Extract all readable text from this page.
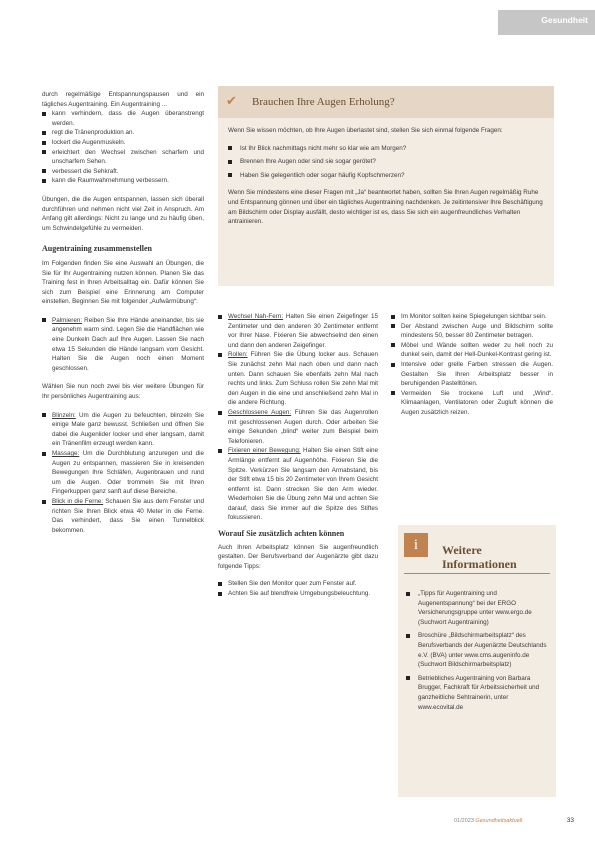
Gesundheit

durch regelmäßige Entspannungspausen und ein tägliches Augentraining. Ein Augentraining ...

kann verhindern, dass die Augen überanstrengt werden.
regt die Tränenproduktion an.
lockert die Augenmuskeln.
erleichtert den Wechsel zwischen scharfem und unscharfem Sehen.
verbessert die Sehkraft.
kann die Raumwahrnehmung verbessern.

Übungen, die die Augen entspannen, lassen sich überall durchführen und nehmen nicht viel Zeit in Anspruch. Am Anfang gilt allerdings: Nicht zu lange und zu häufig üben, um Schwindelgefühle zu vermeiden.

Augentraining zusammenstellen

Im Folgenden finden Sie eine Auswahl an Übungen, die Sie für Ihr Augentraining nutzen können. Planen Sie das Training fest in Ihren Arbeitsalltag ein. Dafür können Sie sich zum Beispiel eine Erinnerung am Computer einstellen. Beginnen Sie mit folgender „Aufwärmübung“:

Palmieren: Reiben Sie Ihre Hände aneinander, bis sie angenehm warm sind. Legen Sie die Handflächen wie eine Dunkeln Dach auf Ihre Augen. Lassen Sie nach etwa 15 Sekunden die Hände langsam vom Gesicht. Halten Sie die Augen noch einen Moment geschlossen.

Wählen Sie nun noch zwei bis vier weitere Übungen für Ihr persönliches Augentraining aus:

Blinzeln: Um die Augen zu befeuchten, blinzeln Sie einige Male ganz bewusst. Schließen und öffnen Sie dabei die Augenlider locker und eher langsam, damit ein Tränenfilm erzeugt werden kann.
Massage: Um die Durchblutung anzuregen und die Augen zu entspannen, massieren Sie in kreisenden Bewegungen Ihre Schläfen, Augenbrauen und rund um die Augen. Oder trommeln Sie mit Ihren Fingerkuppen ganz sanft auf diese Bereiche.
Blick in die Ferne: Schauen Sie aus dem Fenster und richten Sie Ihren Blick etwa 40 Meter in die Ferne. Das verhindert, dass Sie einen Tunnelblick bekommen.
✔ Brauchen Ihre Augen Erholung?

Wenn Sie wissen möchten, ob Ihre Augen überlastet sind, stellen Sie sich einmal folgende Fragen:

Ist Ihr Blick nachmittags nicht mehr so klar wie am Morgen?
Brennen Ihre Augen oder sind sie sogar gerötet?
Haben Sie gelegentlich oder sogar häufig Kopfschmerzen?

Wenn Sie mindestens eine dieser Fragen mit „Ja“ beantwortet haben, sollten Sie Ihren Augen regelmäßig Ruhe und Entspannung gönnen und über ein tägliches Augentraining nachdenken. Je zeitintensiver Ihre Beschäftigung am Bildschirm oder Display ausfällt, desto wichtiger ist es, dass Sie sich ein augenfreundliches Verhalten antrainieren.

Wechsel Nah-Fern: Halten Sie einen Zeigefinger 15 Zentimeter und den anderen 30 Zentimeter entfernt vor Ihrer Nase. Fixieren Sie abwechselnd den einen und dann den anderen Zeigefinger.
Rollen: Führen Sie die Übung locker aus. Schauen Sie zunächst zehn Mal nach oben und dann nach unten. Dann schauen Sie ebenfalls zehn Mal nach rechts und links. Zum Schluss rollen Sie zehn Mal mit den Augen in die eine und anschließend zehn Mal in die andere Richtung.
Geschlossene Augen: Führen Sie das Augenrollen mit geschlossenen Augen durch. Oder arbeiten Sie einige Sekunden „blind“ weiter zum Beispiel beim Telefonieren.
Fixieren einer Bewegung: Halten Sie einen Stift eine Armlänge entfernt auf Augenhöhe. Fixieren Sie die Spitze. Verkürzen Sie langsam den Armabstand, bis der Stift etwa 15 bis 20 Zentimeter von Ihrem Gesicht entfernt ist. Dann strecken Sie den Arm wieder. Wiederholen Sie die Übung zehn Mal und achten Sie darauf, dass Sie immer auf die Spitze des Stiftes fokussieren.
Worauf Sie zusätzlich achten können

Auch Ihren Arbeitsplatz können Sie augenfreundlich gestalten. Der Berufsverband der Augenärzte gibt dazu folgende Tipps:

Stellen Sie den Monitor quer zum Fenster auf.
Achten Sie auf blendfreie Umgebungsbeleuchtung.
Im Monitor sollten keine Spiegelungen sichtbar sein.
Der Abstand zwischen Auge und Bildschirm sollte mindestens 50, besser 80 Zentimeter betragen.
Möbel und Wände sollten weder zu hell noch zu dunkel sein, damit der Hell-Dunkel-Kontrast gering ist.
Intensive oder grelle Farben stressen die Augen. Gestalten Sie Ihren Arbeitsplatz besser in beruhigenden Pastelltönen.
Vermeiden Sie trockene Luft und „Wind“. Klimaanlagen, Ventilatoren oder Zugluft können die Augen zusätzlich reizen.
i	Weitere Informationen
„Tipps für Augentraining und Augenentspannung“ bei der ERGO Versicherungsgruppe unter www.ergo.de (Suchwort Augentraining)
Broschüre „Bildschirmarbeitsplatz“ des Berufsverbands der Augenärzte Deutschlands e.V. (BVA) unter www.cms.augeninfo.de (Suchwort Bildschirmarbeitsplatz)
Betriebliches Augentraining von Barbara Brugger, Fachkraft für Arbeitssicherheit und ganzheitliche Sehtrainerin, unter www.ecovital.de
01/2023 Gesundheitsaktuell	33
